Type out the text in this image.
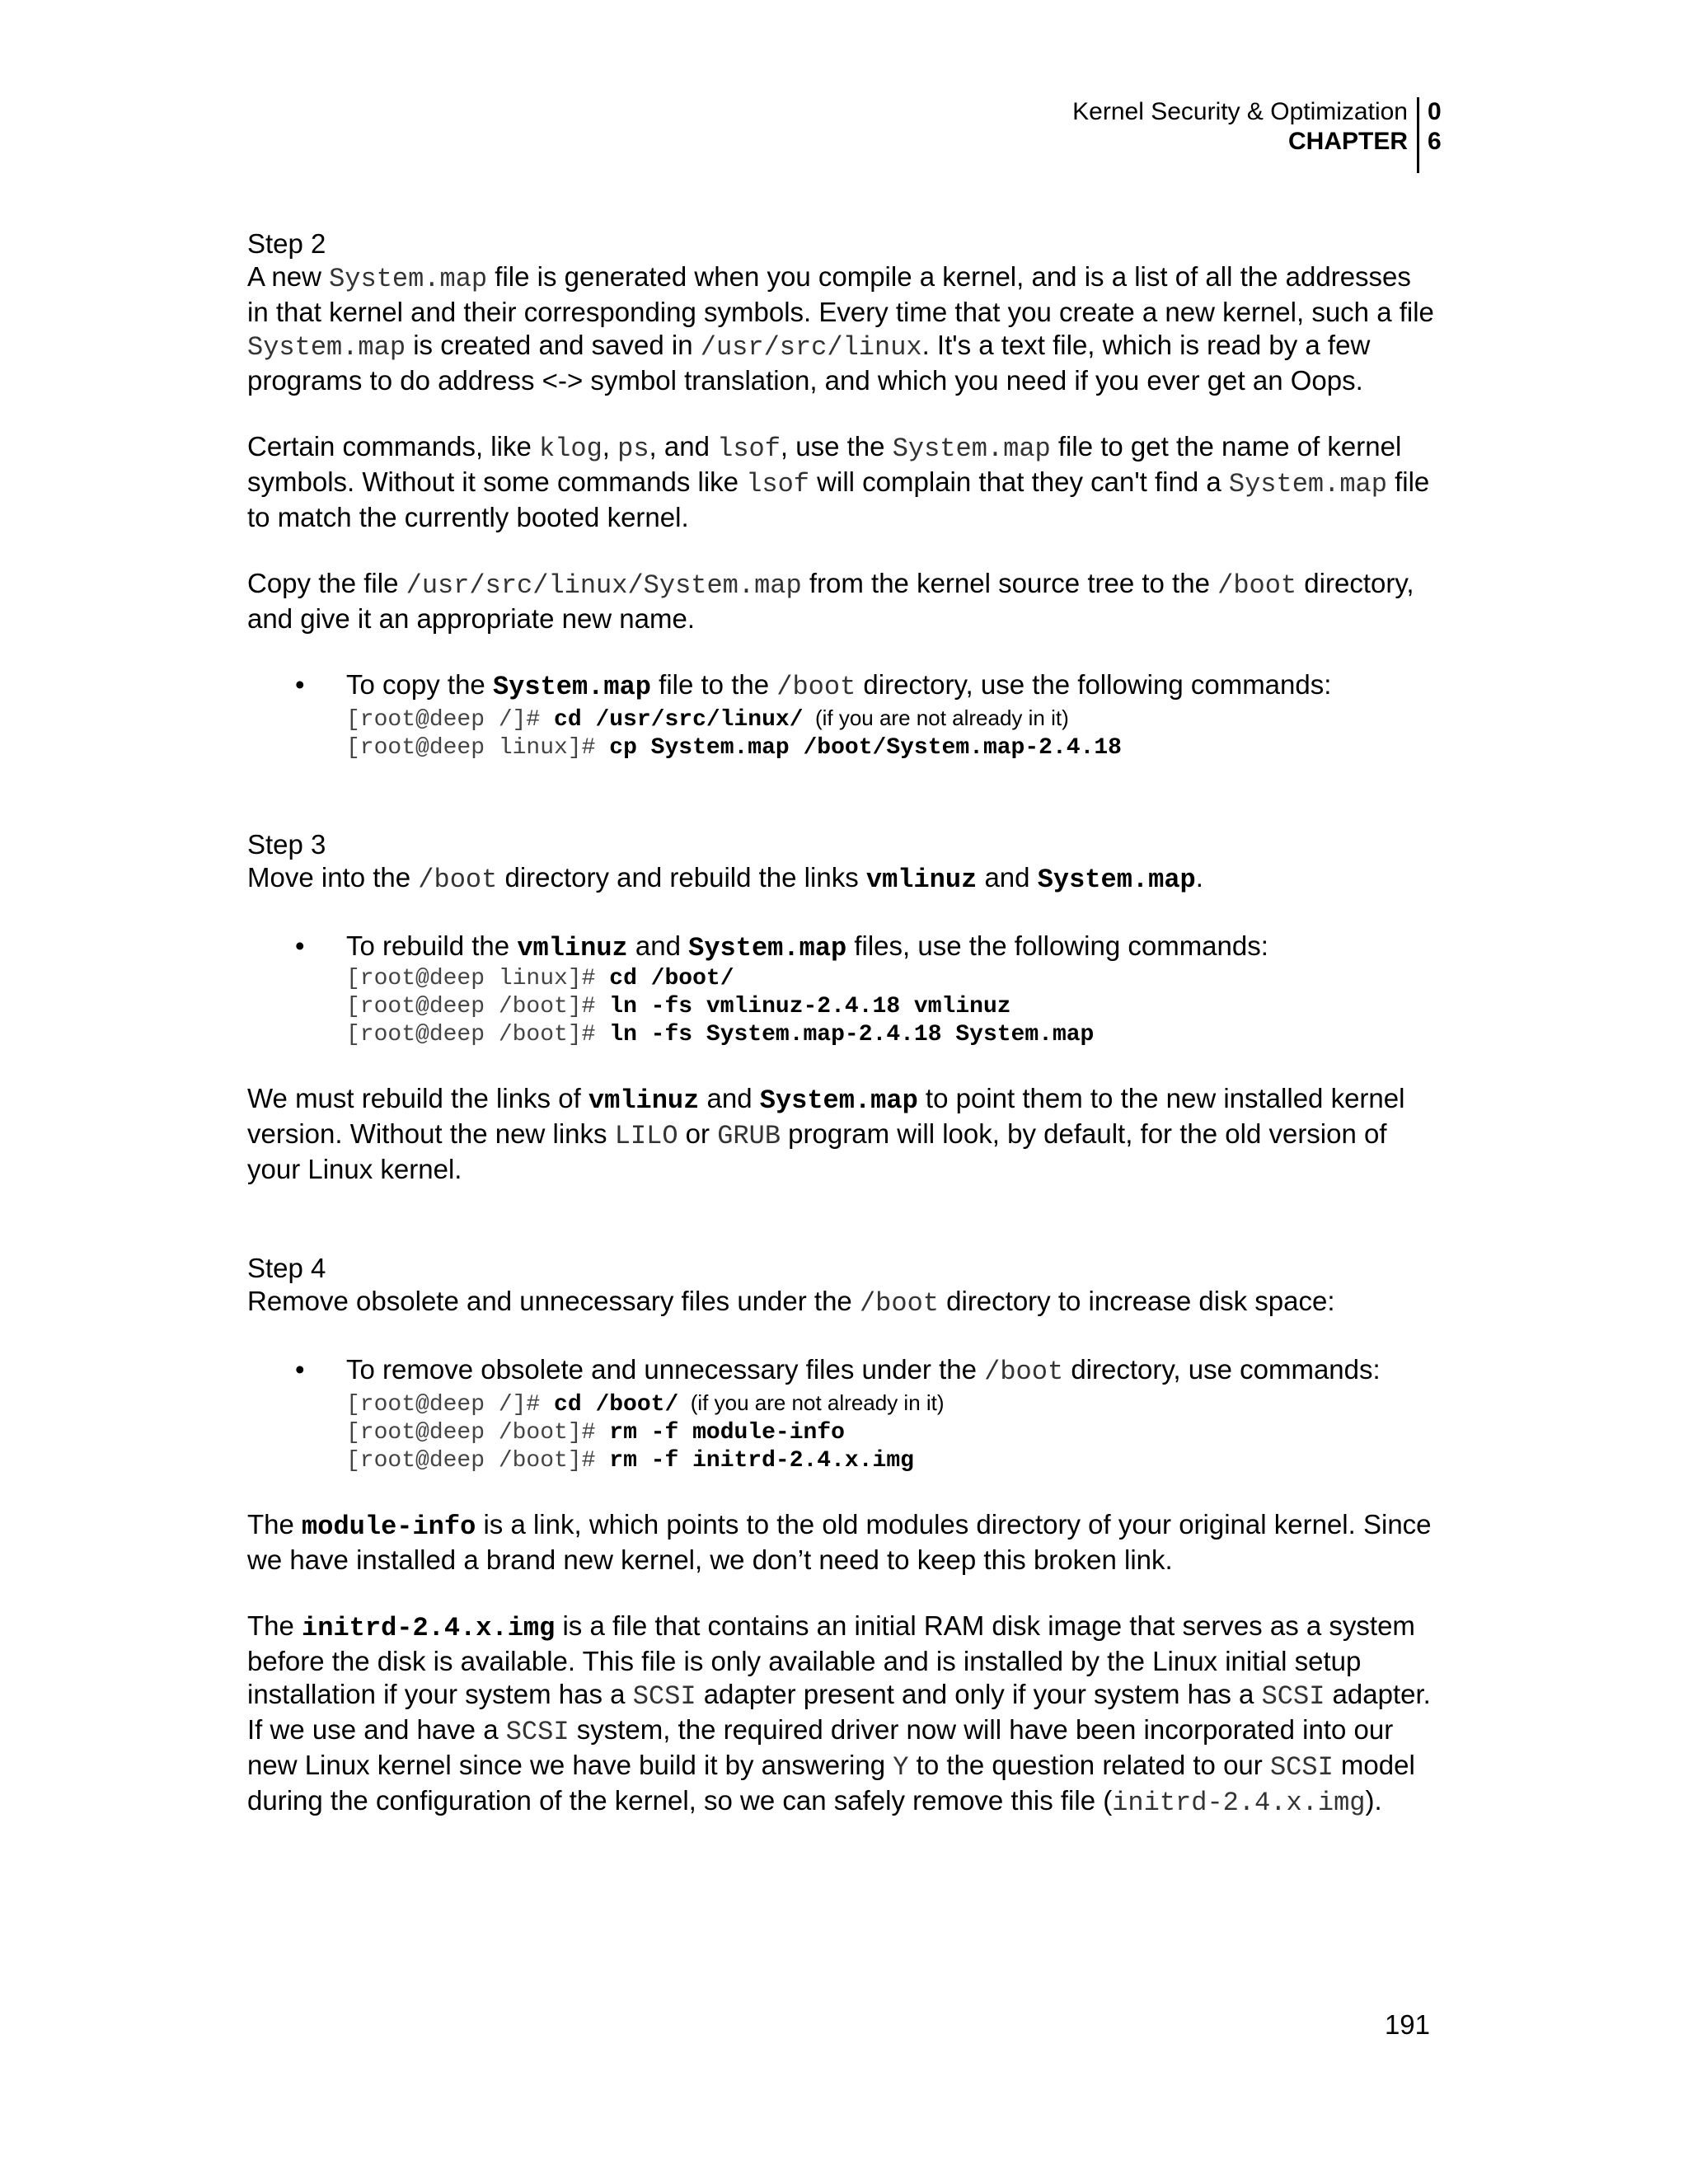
Kernel Security & Optimization
CHAPTER
0
6

Step 2

A new System.map file is generated when you compile a kernel, and is a list of all the addresses in that kernel and their corresponding symbols. Every time that you create a new kernel, such a file System.map is created and saved in /usr/src/linux. It's a text file, which is read by a few programs to do address <-> symbol translation, and which you need if you ever get an Oops.

Certain commands, like klog, ps, and lsof, use the System.map file to get the name of kernel symbols. Without it some commands like lsof will complain that they can't find a System.map file to match the currently booted kernel.

Copy the file /usr/src/linux/System.map from the kernel source tree to the /boot directory, and give it an appropriate new name.

• To copy the System.map file to the /boot directory, use the following commands:

[root@deep /]# cd /usr/src/linux/  (if you are not already in it)
[root@deep linux]# cp System.map /boot/System.map-2.4.18

Step 3

Move into the /boot directory and rebuild the links vmlinuz and System.map.

• To rebuild the vmlinuz and System.map files, use the following commands:

[root@deep linux]# cd /boot/
[root@deep /boot]# ln -fs vmlinuz-2.4.18 vmlinuz
[root@deep /boot]# ln -fs System.map-2.4.18 System.map

We must rebuild the links of vmlinuz and System.map to point them to the new installed kernel version. Without the new links LILO or GRUB program will look, by default, for the old version of your Linux kernel.

Step 4

Remove obsolete and unnecessary files under the /boot directory to increase disk space:

• To remove obsolete and unnecessary files under the /boot directory, use commands:

[root@deep /]# cd /boot/  (if you are not already in it)
[root@deep /boot]# rm -f module-info
[root@deep /boot]# rm -f initrd-2.4.x.img

The module-info is a link, which points to the old modules directory of your original kernel. Since we have installed a brand new kernel, we don’t need to keep this broken link.

The initrd-2.4.x.img is a file that contains an initial RAM disk image that serves as a system before the disk is available. This file is only available and is installed by the Linux initial setup installation if your system has a SCSI adapter present and only if your system has a SCSI adapter. If we use and have a SCSI system, the required driver now will have been incorporated into our new Linux kernel since we have build it by answering Y to the question related to our SCSI model during the configuration of the kernel, so we can safely remove this file (initrd-2.4.x.img).

191
